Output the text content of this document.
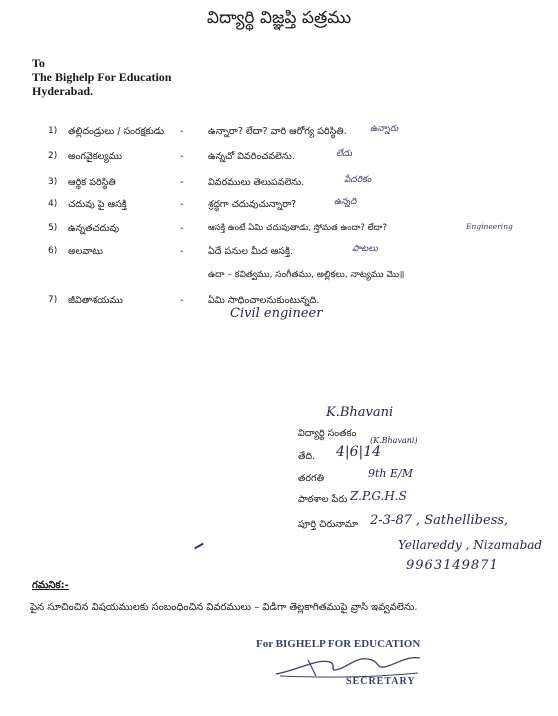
విద్యార్థి విజ్ఞప్తి పత్రము
To
The Bighelp For Education
Hyderabad.
1) తల్లిదండ్రులు / సంరక్షకుడు -	ఉన్నారా? లేదా? వారి ఆరోగ్య పరిస్థితి.	ఉన్నారు
2) అంగవైకల్యము	-	ఉన్నచో వివరించవలెను.	లేదు
3) ఆర్థిక పరిస్థితి	-	వివరములు తెలుపవలెను.	పేదరికం
4) చదువు పై ఆసక్తి	-	శ్రద్ధగా చదువుచున్నారా?	ఉన్నది
5) ఉన్నతచదువు	-	ఆసక్తి ఉంటే ఏమి చదువుతాడు, స్తోమత ఉందా? లేదా?	Engineering
6) అలవాటు	-	ఏదే పనుల మీద ఆసక్తి.	పాటలు
ఉదా – కవిత్వము, సంగీతము, అల్లికలు, నాట్యము మొ॥
7) జీవితాశయము	-	ఏమి సాధించాలనుకుంటున్నది.
Civil engineer
K.Bhavani
విద్యార్థి సంతకం
(K.Bhavani)
తేది. 4|6|14
తరగతి	9th E/M
పాఠశాల పేరు Z.P.G.H.S
పూర్తి చిరునామా 2-3-87 , Sathellibess,
Yellareddy , Nizamabad
9963149871
గమనిక:-
పైన సూచించిన విషయములకు సంబంధించిన వివరములు – విడిగా తెల్లకాగితముపై వ్రాసి ఇవ్వవలెను.
For BIGHELP FOR EDUCATION
SECRETARY
